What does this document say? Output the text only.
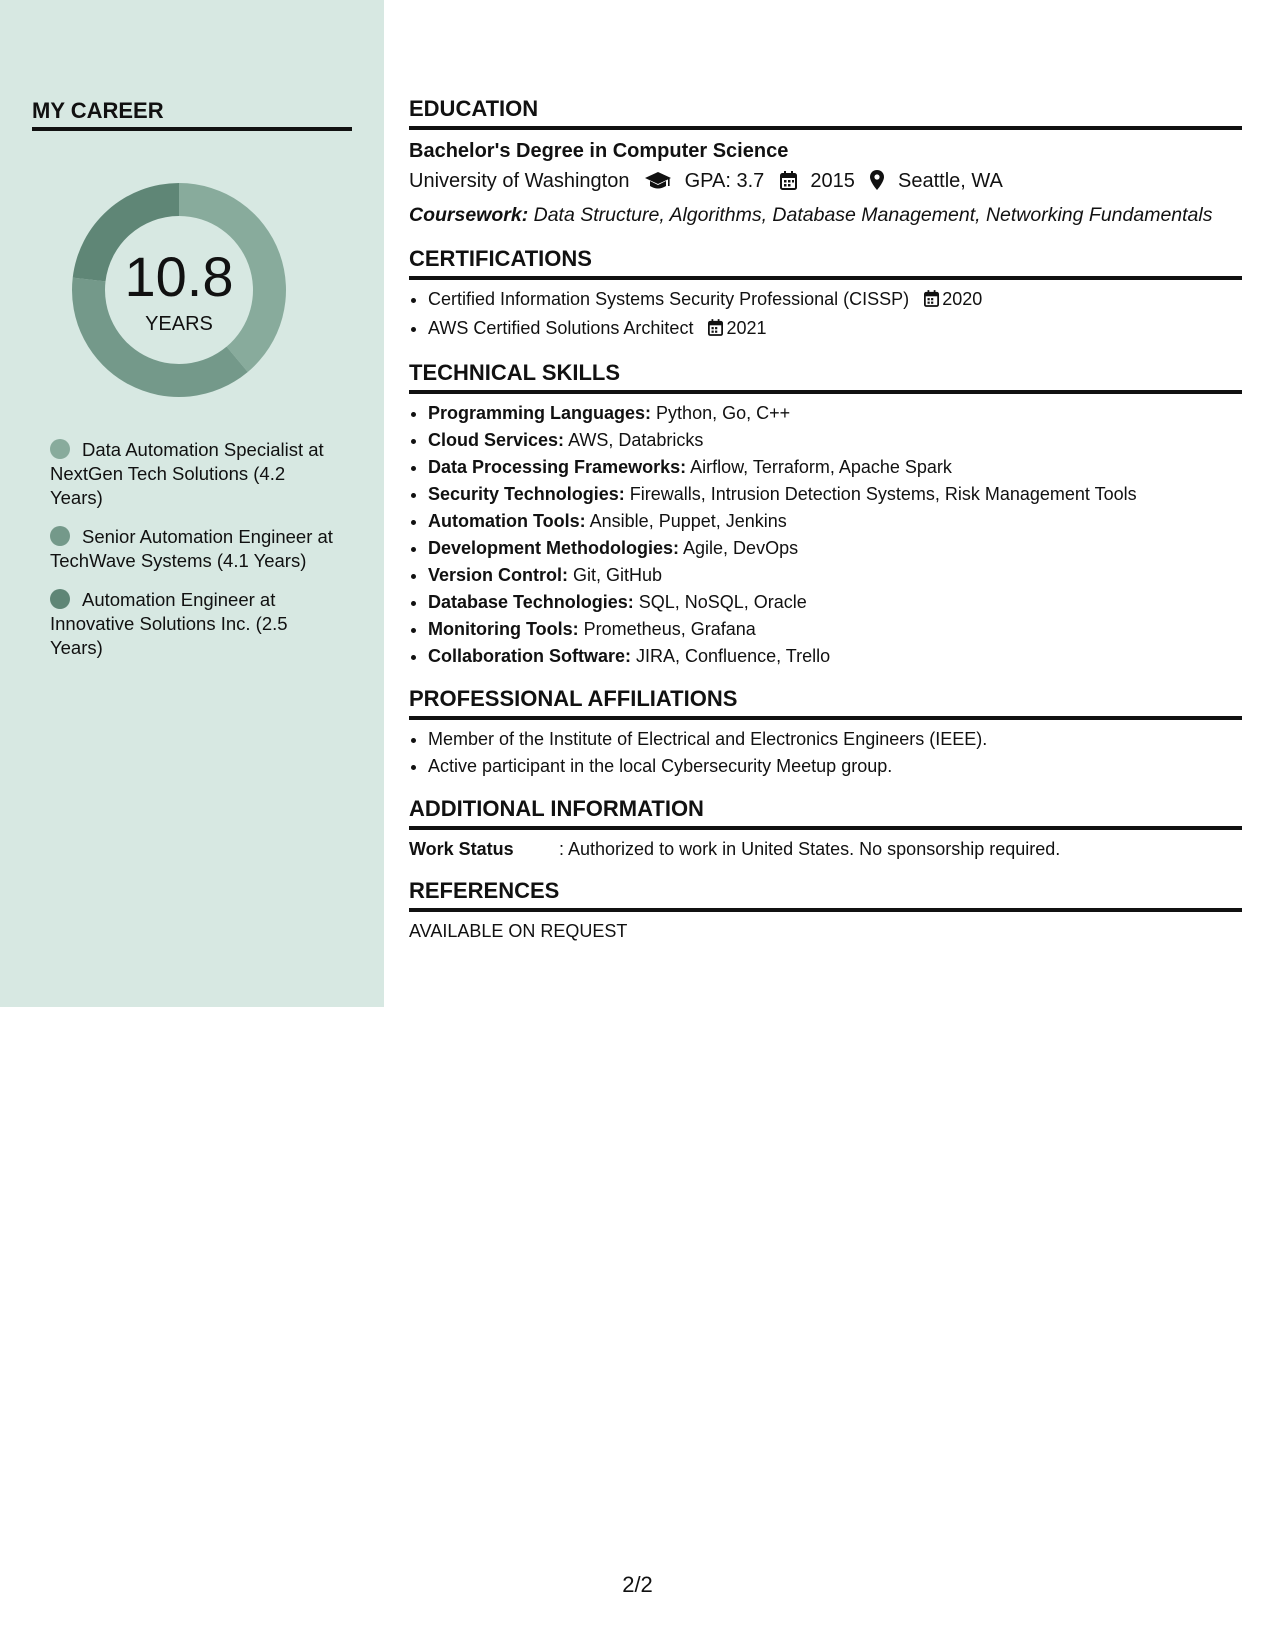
MY CAREER
10.8
YEARS
Data Automation Specialist at NextGen Tech Solutions (4.2 Years)
Senior Automation Engineer at TechWave Systems (4.1 Years)
Automation Engineer at Innovative Solutions Inc. (2.5 Years)
EDUCATION
Bachelor's Degree in Computer Science
University of Washington	GPA: 3.7 2015 Seattle, WA
Coursework: Data Structure, Algorithms, Database Management, Networking Fundamentals
CERTIFICATIONS
• Certified Information Systems Security Professional (CISSP) 2020
• AWS Certified Solutions Architect 2021
TECHNICAL SKILLS
• Programming Languages: Python, Go, C++
• Cloud Services: AWS, Databricks
• Data Processing Frameworks: Airflow, Terraform, Apache Spark
• Security Technologies: Firewalls, Intrusion Detection Systems, Risk Management Tools
• Automation Tools: Ansible, Puppet, Jenkins
• Development Methodologies: Agile, DevOps
• Version Control: Git, GitHub
• Database Technologies: SQL, NoSQL, Oracle
• Monitoring Tools: Prometheus, Grafana
• Collaboration Software: JIRA, Confluence, Trello
PROFESSIONAL AFFILIATIONS
• Member of the Institute of Electrical and Electronics Engineers (IEEE).
• Active participant in the local Cybersecurity Meetup group.
ADDITIONAL INFORMATION
Work Status	: Authorized to work in United States. No sponsorship required.
REFERENCES
AVAILABLE ON REQUEST
2/2
